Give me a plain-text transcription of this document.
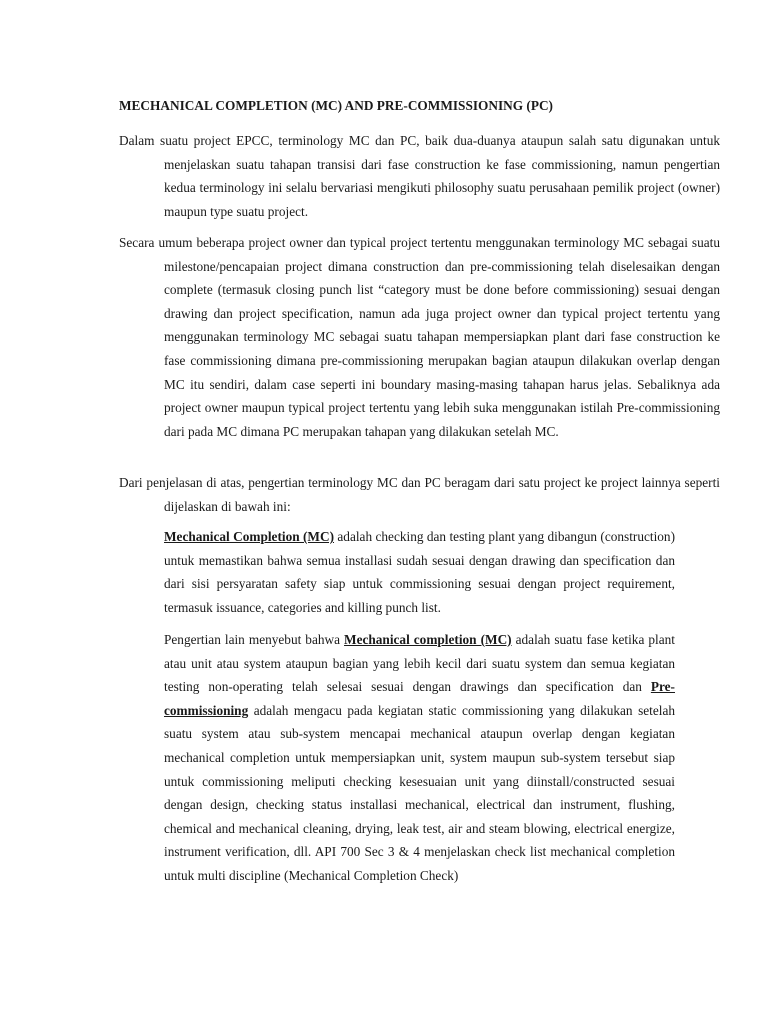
MECHANICAL COMPLETION (MC) AND PRE-COMMISSIONING (PC)

Dalam suatu project EPCC, terminology MC dan PC, baik dua-duanya ataupun salah satu digunakan untuk menjelaskan suatu tahapan transisi dari fase construction ke fase commissioning, namun pengertian kedua terminology ini selalu bervariasi mengikuti philosophy suatu perusahaan pemilik project (owner) maupun type suatu project.

Secara umum beberapa project owner dan typical project tertentu menggunakan terminology MC sebagai suatu milestone/pencapaian project dimana construction dan pre-commissioning telah diselesaikan dengan complete (termasuk closing punch list “category must be done before commissioning) sesuai dengan drawing dan project specification, namun ada juga project owner dan typical project tertentu yang menggunakan terminology MC sebagai suatu tahapan mempersiapkan plant dari fase construction ke fase commissioning dimana pre-commissioning merupakan bagian ataupun dilakukan overlap dengan MC itu sendiri, dalam case seperti ini boundary masing-masing tahapan harus jelas. Sebaliknya ada project owner maupun typical project tertentu yang lebih suka menggunakan istilah Pre-commissioning dari pada MC dimana PC merupakan tahapan yang dilakukan setelah MC.

Dari penjelasan di atas, pengertian terminology MC dan PC beragam dari satu project ke project lainnya seperti dijelaskan di bawah ini:

Mechanical Completion (MC) adalah checking dan testing plant yang dibangun (construction) untuk memastikan bahwa semua installasi sudah sesuai dengan drawing dan specification dan dari sisi persyaratan safety siap untuk commissioning sesuai dengan project requirement, termasuk issuance, categories and killing punch list.

Pengertian lain menyebut bahwa Mechanical completion (MC) adalah suatu fase ketika plant atau unit atau system ataupun bagian yang lebih kecil dari suatu system dan semua kegiatan testing non-operating telah selesai sesuai dengan drawings dan specification dan Pre-commissioning adalah mengacu pada kegiatan static commissioning yang dilakukan setelah suatu system atau sub-system mencapai mechanical ataupun overlap dengan kegiatan mechanical completion untuk mempersiapkan unit, system maupun sub-system tersebut siap untuk commissioning meliputi checking kesesuaian unit yang diinstall/constructed sesuai dengan design, checking status installasi mechanical, electrical dan instrument, flushing, chemical and mechanical cleaning, drying, leak test, air and steam blowing, electrical energize, instrument verification, dll. API 700 Sec 3 & 4 menjelaskan check list mechanical completion untuk multi discipline (Mechanical Completion Check)
